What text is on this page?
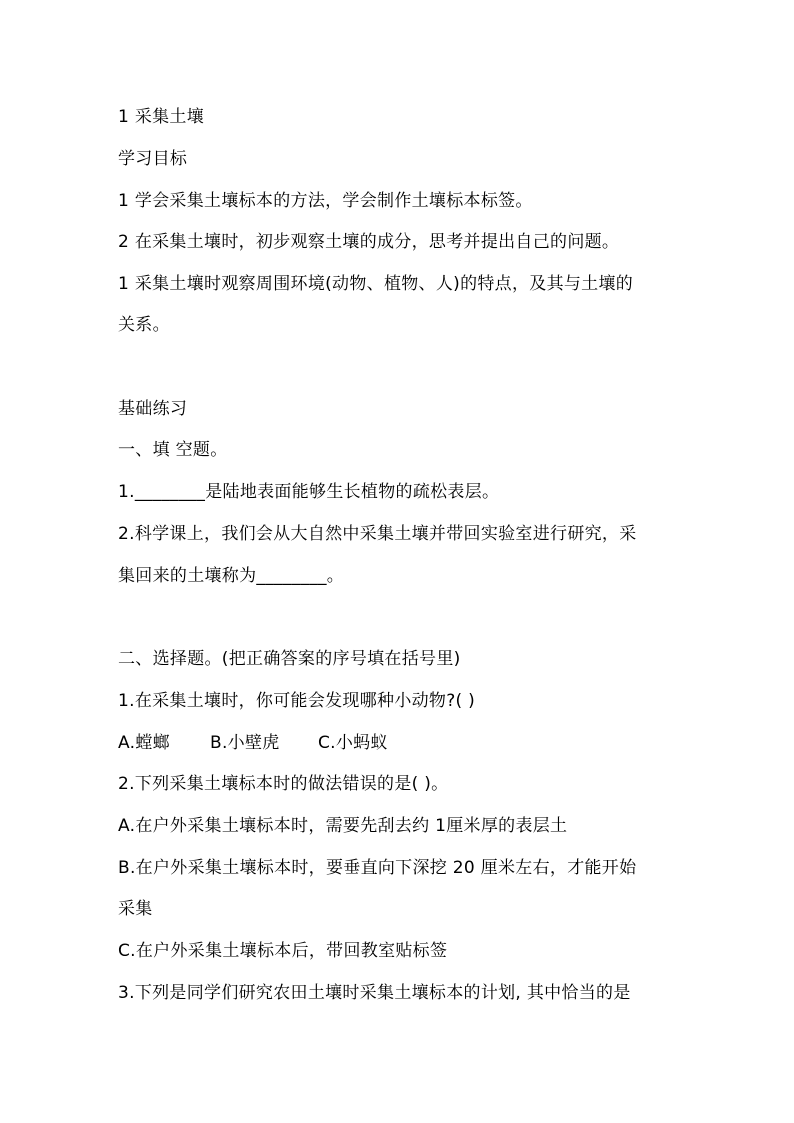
1 采集土壤
学习目标
1 学会采集土壤标本的方法，学会制作土壤标本标签。
2 在采集土壤时，初步观察土壤的成分，思考并提出自己的问题。
1 采集土壤时观察周围环境(动物、植物、人)的特点，及其与土壤的
关系。
基础练习
一、填 空题。
1.________是陆地表面能够生长植物的疏松表层。
2.科学课上，我们会从大自然中采集土壤并带回实验室进行研究，采
集回来的土壤称为________。
二、选择题。(把正确答案的序号填在括号里)
1.在采集土壤时，你可能会发现哪种小动物?( )
A.螳螂 B.小壁虎 C.小蚂蚁
2.下列采集土壤标本时的做法错误的是( )。
A.在户外采集土壤标本时，需要先刮去约 1厘米厚的表层土
B.在户外采集土壤标本时，要垂直向下深挖 20 厘米左右，才能开始
采集
C.在户外采集土壤标本后，带回教室贴标签
3.下列是同学们研究农田土壤时采集土壤标本的计划, 其中恰当的是
